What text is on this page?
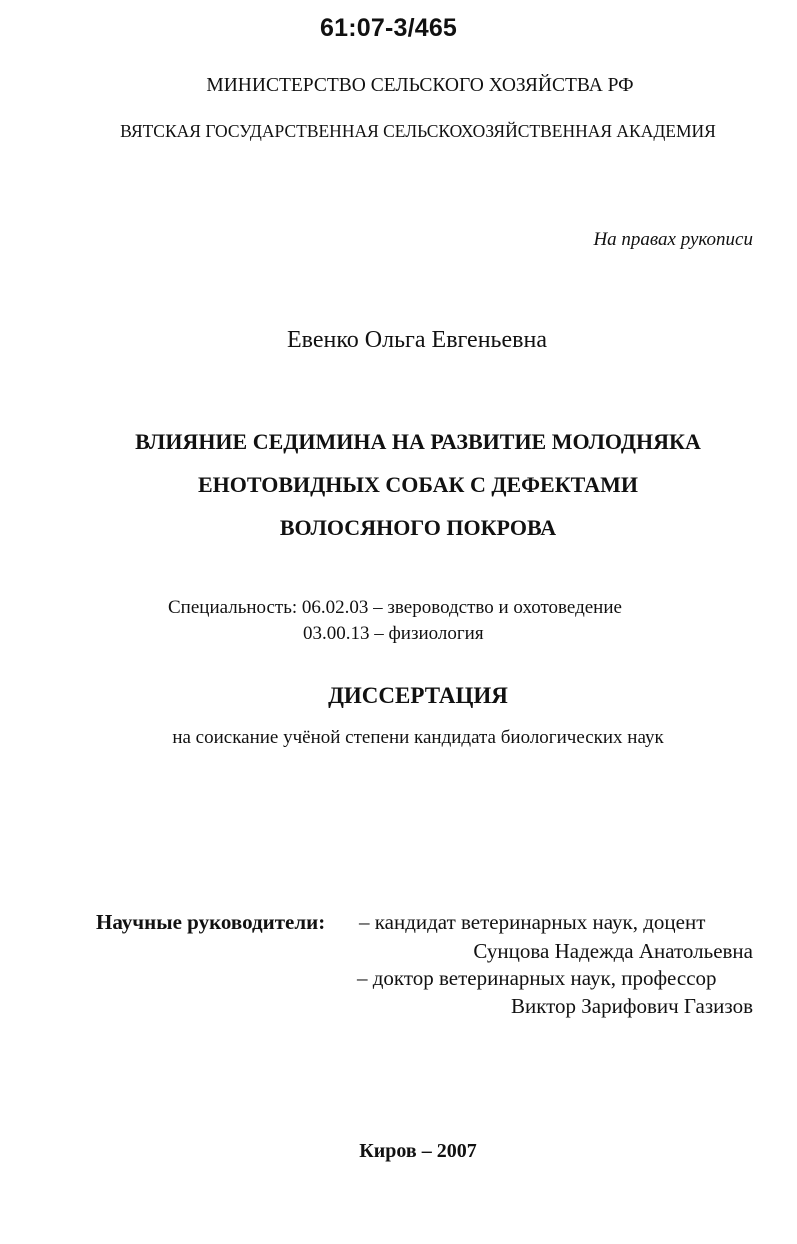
61:07-3/465
МИНИСТЕРСТВО СЕЛЬСКОГО ХОЗЯЙСТВА РФ
ВЯТСКАЯ ГОСУДАРСТВЕННАЯ СЕЛЬСКОХОЗЯЙСТВЕННАЯ АКАДЕМИЯ
На правах рукописи
Евенко Ольга Евгеньевна
ВЛИЯНИЕ СЕДИМИНА НА РАЗВИТИЕ МОЛОДНЯКА
ЕНОТОВИДНЫХ СОБАК С ДЕФЕКТАМИ
ВОЛОСЯНОГО ПОКРОВА
Специальность: 06.02.03 – звероводство и охотоведение
03.00.13 – физиология
ДИССЕРТАЦИЯ
на соискание учёной степени кандидата биологических наук
Научные руководители: – кандидат ветеринарных наук, доцент
Сунцова Надежда Анатольевна
– доктор ветеринарных наук, профессор
Виктор Зарифович Газизов
Киров – 2007
